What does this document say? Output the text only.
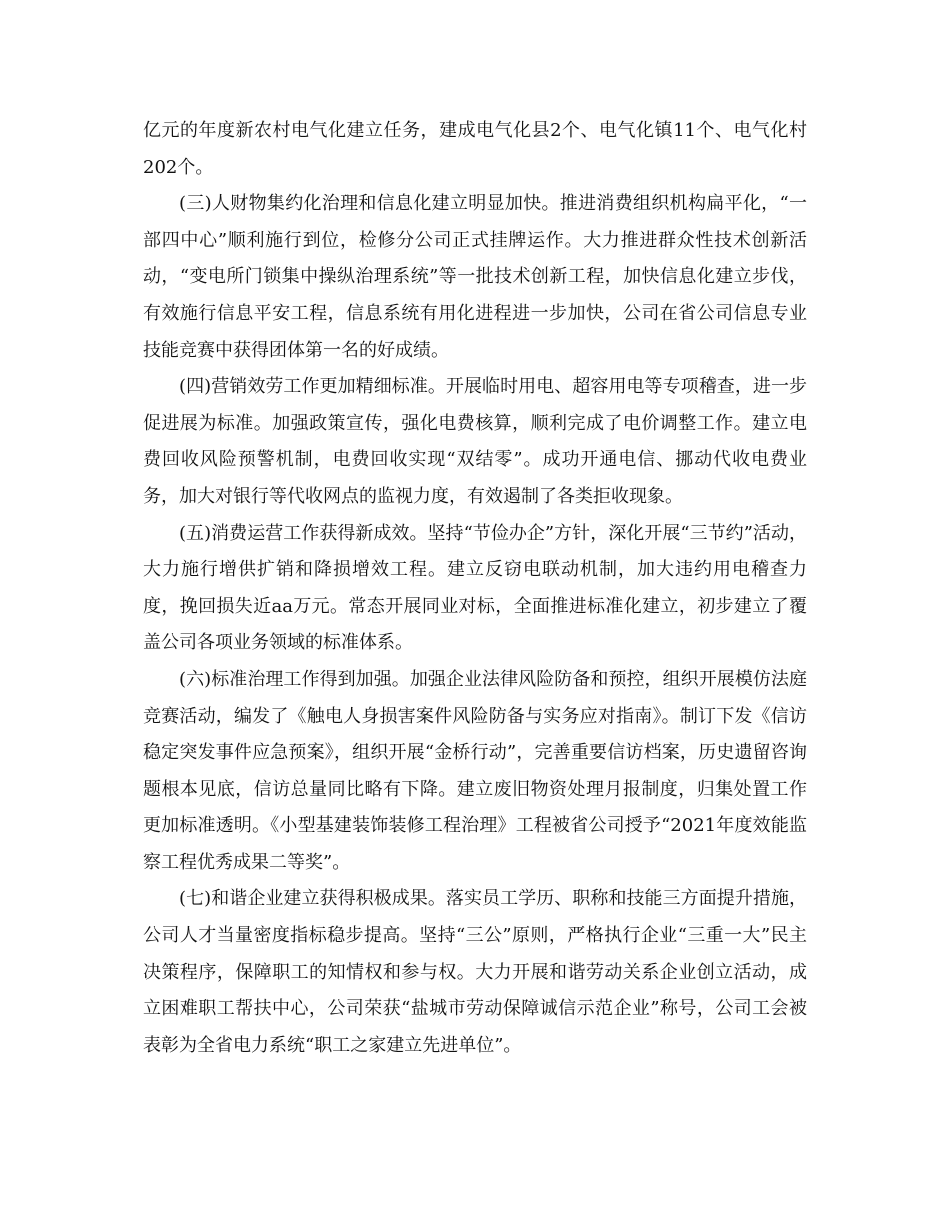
亿元的年度新农村电气化建立任务，建成电气化县2个、电气化镇11个、电气化村202个。

(三)人财物集约化治理和信息化建立明显加快。推进消费组织机构扁平化，“一部四中心”顺利施行到位，检修分公司正式挂牌运作。大力推进群众性技术创新活动，“变电所门锁集中操纵治理系统”等一批技术创新工程，加快信息化建立步伐，有效施行信息平安工程，信息系统有用化进程进一步加快，公司在省公司信息专业技能竞赛中获得团体第一名的好成绩。

(四)营销效劳工作更加精细标准。开展临时用电、超容用电等专项稽查，进一步促进展为标准。加强政策宣传，强化电费核算，顺利完成了电价调整工作。建立电费回收风险预警机制，电费回收实现“双结零”。成功开通电信、挪动代收电费业务，加大对银行等代收网点的监视力度，有效遏制了各类拒收现象。

(五)消费运营工作获得新成效。坚持“节俭办企”方针，深化开展“三节约”活动，大力施行增供扩销和降损增效工程。建立反窃电联动机制，加大违约用电稽查力度，挽回损失近aa万元。常态开展同业对标，全面推进标准化建立，初步建立了覆盖公司各项业务领域的标准体系。

(六)标准治理工作得到加强。加强企业法律风险防备和预控，组织开展模仿法庭竞赛活动，编发了《触电人身损害案件风险防备与实务应对指南》。制订下发《信访稳定突发事件应急预案》，组织开展“金桥行动”，完善重要信访档案，历史遗留咨询题根本见底，信访总量同比略有下降。建立废旧物资处理月报制度，归集处置工作更加标准透明。《小型基建装饰装修工程治理》工程被省公司授予“2021年度效能监察工程优秀成果二等奖”。

(七)和谐企业建立获得积极成果。落实员工学历、职称和技能三方面提升措施，公司人才当量密度指标稳步提高。坚持“三公”原则，严格执行企业“三重一大”民主决策程序，保障职工的知情权和参与权。大力开展和谐劳动关系企业创立活动，成立困难职工帮扶中心，公司荣获“盐城市劳动保障诚信示范企业”称号，公司工会被表彰为全省电力系统“职工之家建立先进单位”。
